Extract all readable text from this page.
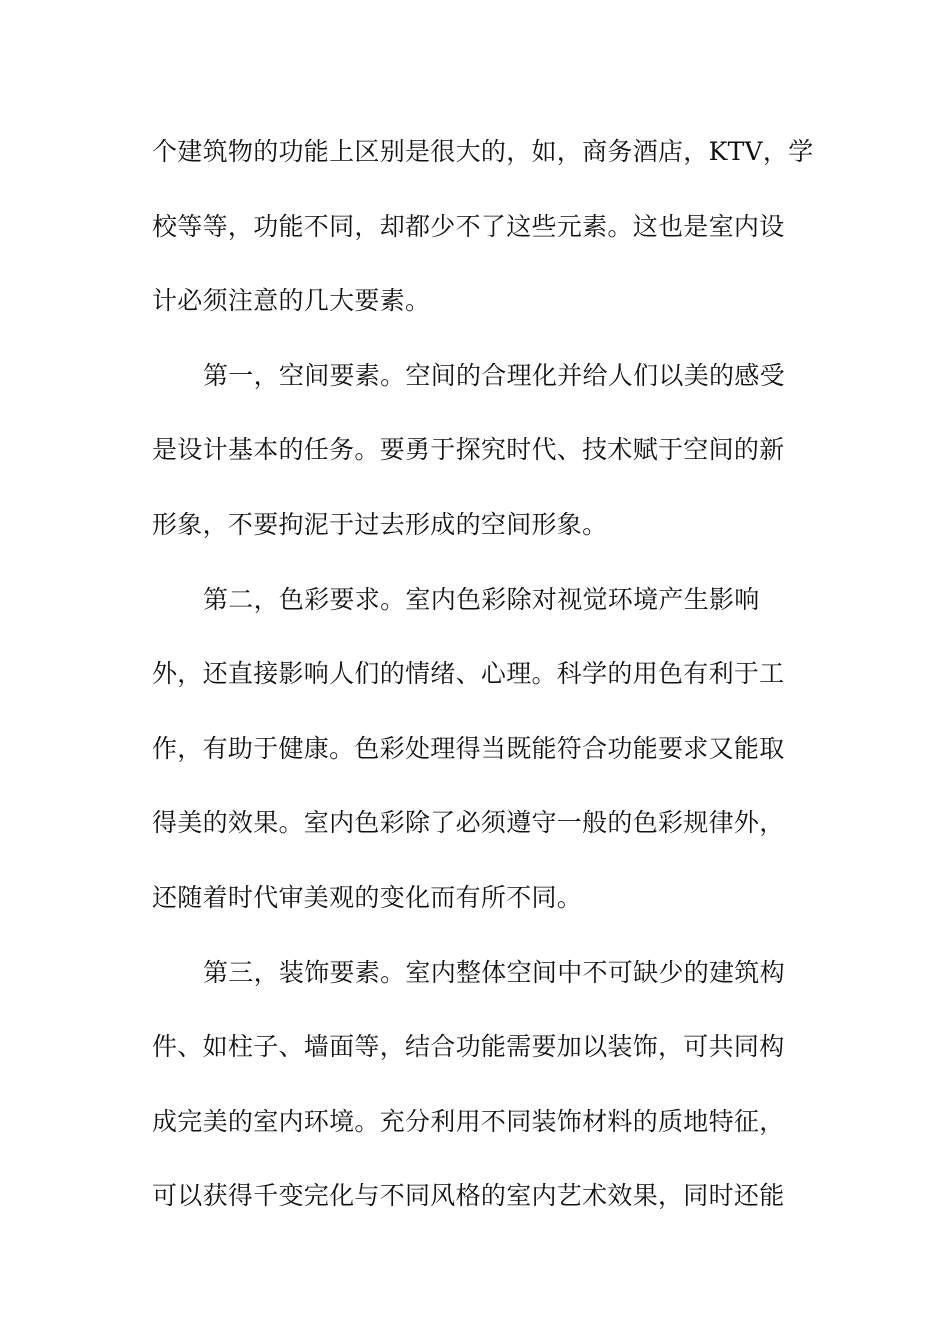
个建筑物的功能上区别是很大的，如，商务酒店，KTV，学
校等等，功能不同，却都少不了这些元素。这也是室内设
计必须注意的几大要素。
第一，空间要素。空间的合理化并给人们以美的感受
是设计基本的任务。要勇于探究时代、技术赋于空间的新
形象，不要拘泥于过去形成的空间形象。
第二，色彩要求。室内色彩除对视觉环境产生影响
外，还直接影响人们的情绪、心理。科学的用色有利于工
作，有助于健康。色彩处理得当既能符合功能要求又能取
得美的效果。室内色彩除了必须遵守一般的色彩规律外，
还随着时代审美观的变化而有所不同。
第三，装饰要素。室内整体空间中不可缺少的建筑构
件、如柱子、墙面等，结合功能需要加以装饰，可共同构
成完美的室内环境。充分利用不同装饰材料的质地特征，
可以获得千变完化与不同风格的室内艺术效果，同时还能
